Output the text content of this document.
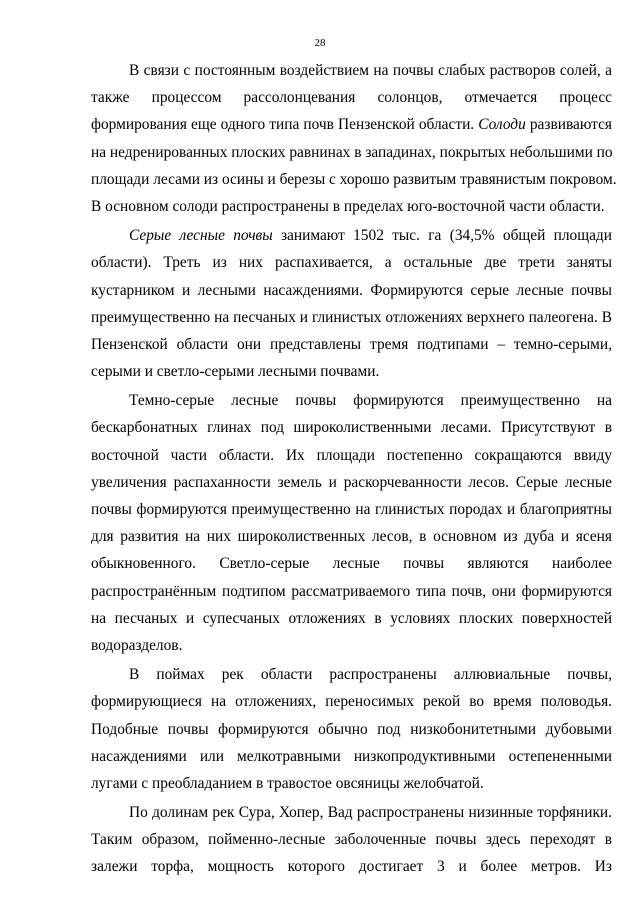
28
В связи с постоянным воздействием на почвы слабых растворов солей, а
также процессом рассолонцевания солонцов, отмечается процесс
формирования еще одного типа почв Пензенской области. Солоди развиваются
на недренированных плоских равнинах в западинах, покрытых небольшими по
площади лесами из осины и березы с хорошо развитым травянистым покровом.
В основном солоди распространены в пределах юго-восточной части области.
Серые лесные почвы занимают 1502 тыс. га (34,5% общей площади
области). Треть из них распахивается, а остальные две трети заняты
кустарником и лесными насаждениями. Формируются серые лесные почвы
преимущественно на песчаных и глинистых отложениях верхнего палеогена. В
Пензенской области они представлены тремя подтипами – темно-серыми,
серыми и светло-серыми лесными почвами.
Темно-серые лесные почвы формируются преимущественно на
бескарбонатных глинах под широколиственными лесами. Присутствуют в
восточной части области. Их площади постепенно сокращаются ввиду
увеличения распаханности земель и раскорчеванности лесов. Серые лесные
почвы формируются преимущественно на глинистых породах и благоприятны
для развития на них широколиственных лесов, в основном из дуба и ясеня
обыкновенного. Светло-серые лесные почвы являются наиболее
распространённым подтипом рассматриваемого типа почв, они формируются
на песчаных и супесчаных отложениях в условиях плоских поверхностей
водоразделов.
В поймах рек области распространены аллювиальные почвы,
формирующиеся на отложениях, переносимых рекой во время половодья.
Подобные почвы формируются обычно под низкобонитетными дубовыми
насаждениями или мелкотравными низкопродуктивными остепененными
лугами с преобладанием в травостое овсяницы желобчатой.
По долинам рек Сура, Хопер, Вад распространены низинные торфяники.
Таким образом, пойменно-лесные заболоченные почвы здесь переходят в
залежи торфа, мощность которого достигает 3 и более метров. Из
